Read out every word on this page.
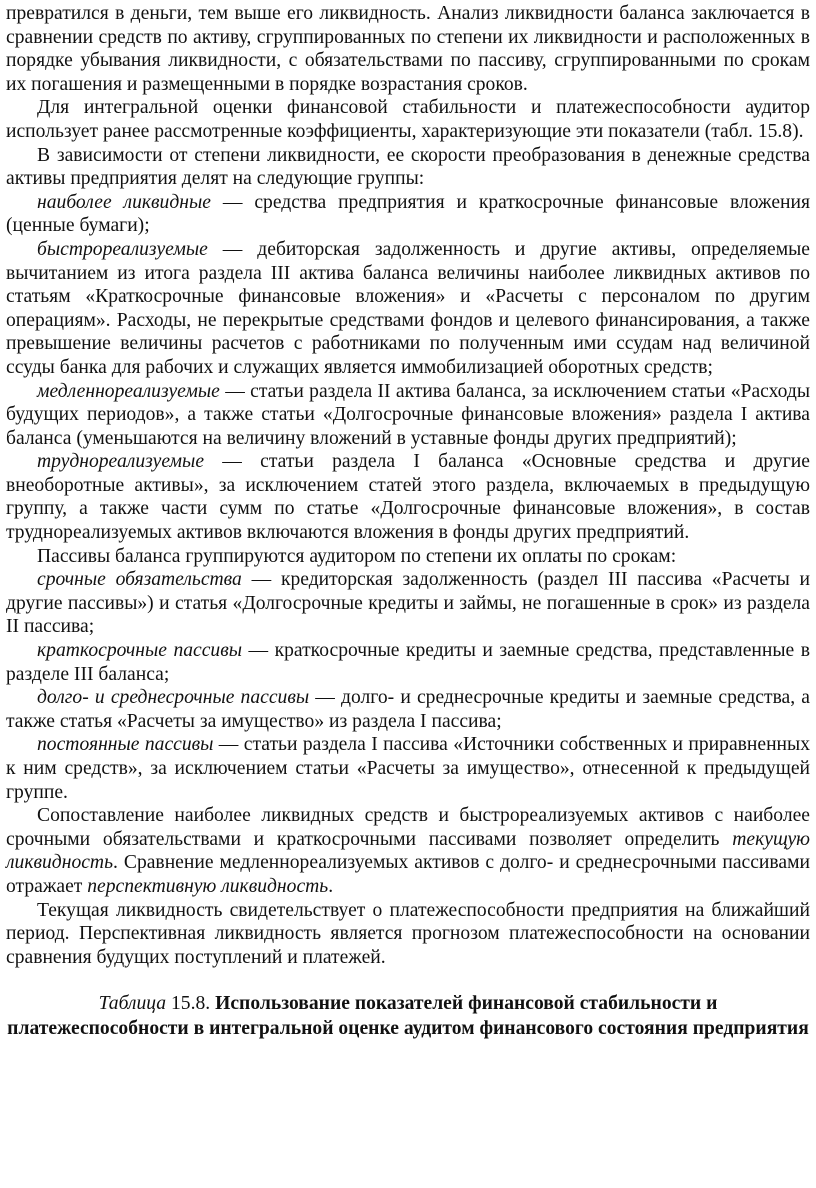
превратился в деньги, тем выше его ликвидность. Анализ ликвидности баланса заключается в сравнении средств по активу, сгруппированных по степени их ликвидности и расположенных в порядке убывания ликвидности, с обязательствами по пассиву, сгруппированными по срокам их погашения и размещенными в порядке возрастания сроков.

Для интегральной оценки финансовой стабильности и платежеспособности аудитор использует ранее рассмотренные коэффициенты, характеризующие эти показатели (табл. 15.8).

В зависимости от степени ликвидности, ее скорости преобразования в денежные средства активы предприятия делят на следующие группы:

наиболее ликвидные — средства предприятия и краткосрочные финансовые вложения (ценные бумаги);

быстрореализуемые — дебиторская задолженность и другие активы, определяемые вычитанием из итога раздела III актива баланса величины наиболее ликвидных активов по статьям «Краткосрочные финансовые вложения» и «Расчеты с персоналом по другим операциям». Расходы, не перекрытые средствами фондов и целевого финансирования, а также превышение величины расчетов с работниками по полученным ими ссудам над величиной ссуды банка для рабочих и служащих является иммобилизацией оборотных средств;

медленнореализуемые — статьи раздела II актива баланса, за исключением статьи «Расходы будущих периодов», а также статьи «Долгосрочные финансовые вложения» раздела I актива баланса (уменьшаются на величину вложений в уставные фонды других предприятий);

труднореализуемые — статьи раздела I баланса «Основные средства и другие внеоборотные активы», за исключением статей этого раздела, включаемых в предыдущую группу, а также части сумм по статье «Долгосрочные финансовые вложения», в состав труднореализуемых активов включаются вложения в фонды других предприятий.

Пассивы баланса группируются аудитором по степени их оплаты по срокам:

срочные обязательства — кредиторская задолженность (раздел III пассива «Расчеты и другие пассивы») и статья «Долгосрочные кредиты и займы, не погашенные в срок» из раздела II пассива;

краткосрочные пассивы — краткосрочные кредиты и заемные средства, представленные в разделе III баланса;

долго- и среднесрочные пассивы — долго- и среднесрочные кредиты и заемные средства, а также статья «Расчеты за имущество» из раздела I пассива;

постоянные пассивы — статьи раздела I пассива «Источники собственных и приравненных к ним средств», за исключением статьи «Расчеты за имущество», отнесенной к предыдущей группе.

Сопоставление наиболее ликвидных средств и быстрореализуемых активов с наиболее срочными обязательствами и краткосрочными пассивами позволяет определить текущую ликвидность. Сравнение медленнореализуемых активов с долго- и среднесрочными пассивами отражает перспективную ликвидность.

Текущая ликвидность свидетельствует о платежеспособности предприятия на ближайший период. Перспективная ликвидность является прогнозом платежеспособности на основании сравнения будущих поступлений и платежей.

Таблица 15.8. Использование показателей финансовой стабильности и платежеспособности в интегральной оценке аудитом финансового состояния предприятия
